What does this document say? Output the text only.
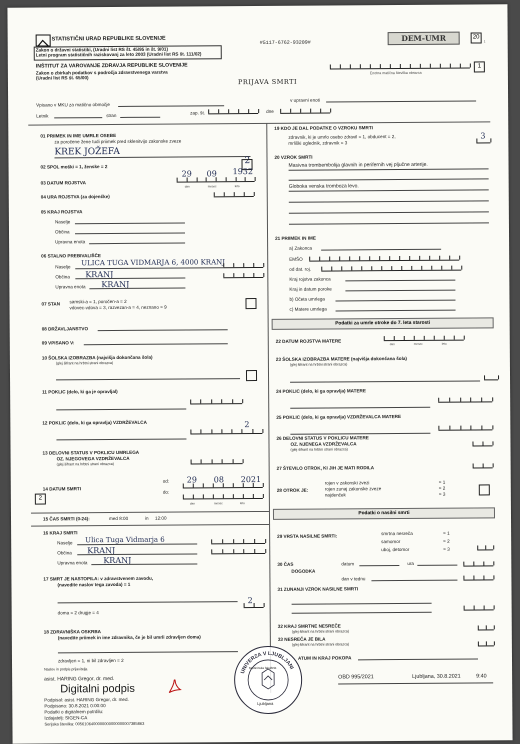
STATISTIČNI URAD REPUBLIKE SLOVENIJE
Zakon o državni statistiki, (Uradni list RS št. 45/95 in št. 9/01)
Letni program statističnih raziskovanj za leto 2003 (Uradni list RS št. 111/02)
INŠTITUT ZA VAROVANJE ZDRAVJA REPUBLIKE SLOVENIJE
Zakon o zbirkah podatkov s področja zdravstvenega varstva
(Uradni list RS št. 65/00)
#5117-6762-93209#	DEM-UMR	20
1
Enotna matična številka obrazca
1
PRIJAVA SMRTI
Vpisano v MKU za matično območje
Letnik	stran
zap. št.	dne
v upravni enoti
01 PRIIMEK IN IME UMRLE OSEBE
za poročene žene tudi priimek pred sklenitvijo zakonske zveze
KREK JOŽEFA
02 SPOL moški = 1, ženske = 2
2
03 DATUM ROJSTVA
29 09 1932
dan	mesec	leto
04 URA ROJSTVA (za dojenčke)
05 KRAJ ROJSTVA
Naselje
Občina
Upravna enota
06 STALNO PREBIVALIŠČE
Naselje ULICA TUGA VIDMARJA 6, 4000 KRANJ
Občina KRANJ
Upravna enota KRANJ
07 STAN samski-a = 1, poročen-a = 2
vdovec-vdova = 3, razvezan-a = 4, neznano = 9
08 DRŽAVLJANSTVO
09 VPISANO V:
10 ŠOLSKA IZOBRAZBA (najvišja dokončana šola)
(glej šifrant na hrbtni strani obrazca)
11 POKLIC (delo, ki ga je opravljal)
12 POKLIC (delo, ki ga opravlja) VZDRŽEVALCA	2
13 DELOVNI STATUS V POKLICU UMRLEGA
OZ. NJEGOVEGA VZDRŽEVALCA
(glej šifrant na hrbtni strani obrazca)
14 DATUM SMRTI
2
od:
do:
29 08 2021
dan	mesec	leto
15 ČAS SMRTI (0-24):	med 8:00	in 12:00
16 KRAJ SMRTI
Naselje Ulica Tuga Vidmarja 6
Občina KRANJ
Upravna enota KRANJ
17 SMRT JE NASTOPILA: v zdravstvenem zavodu,
(navedite naslov tega zavoda) = 1
2
doma = 2 drugje = 4
18 ZDRAVNIŠKA OSKRBA
(navedite priimek in ime zdravnika, če je bil umrli zdravljen doma)
zdravljen = 1, ni bil zdravljen = 2
Naslov in podpis prijavitelja
asist. HARING Gregor, dr. med.
Digitalni podpis
Podpisal: asist. HARING Gregor, dr. med.
Podpisano: 30.8.2021 0:00:00
Podatki o digitalnem potrdilu:
Izdajatelj: SIGEN-CA
Serijska številka: 0056106400000000000000007385863
19 KDO JE DAL PODATKE O VZROKU SMRTI
zdravnik, ki je umrlo osebo zdravil = 1, obducent = 2,
mrliški oglednik, zdravnik = 3
3
20 VZROK SMRTI
Masivna trombembolija glavnih in perifernih vej pljučne arterije.
Globoka venska tromboza levo.
21 PRIIMEK IN IME
a) Zakonca
EMŠO
od dat. roj.
Kraj rojstva zakonca
Kraj in datum poroke
b) Očeta umrlega
c) Matere umrlega
Podatki za umrle otroke do 7. leta starosti
22 DATUM ROJSTVA MATERE
dan	mesec	leto
23 ŠOLSKA IZOBRAZBA MATERE (najvišja dokončana šola)
(glej šifrant na hrbtni strani obrazca)
24 POKLIC (delo, ki ga opravlja) MATERE
25 POKLIC (delo, ki ga opravlja) VZDRŽEVALCA MATERE
26 DELOVNI STATUS V POKLICU MATERE
OZ. NJENEGA VZDRŽEVALCA
(glej šifrant na hrbtni strani obrazca)
27 ŠTEVILO OTROK, KI JIH JE MATI RODILA
28 OTROK JE:
rojen v zakonski zvezi
rojen zunaj zakonske zveze
najdenček
= 1
= 2
= 3
Podatki o nasilni smrti
29 VRSTA NASILNE SMRTI:	smrtna nesreča
samomor
uboj, detomor
= 1
= 2
= 3
30 ČAS
DOGODKA
datum	ura
dan v tednu
31 ZUNANJI VZROK NASILNE SMRTI
32 KRAJ SMRTNE NESREČE
(glej šifrant na hrbtni strani obrazca)
33 NESREČA JE BILA
(glej šifrant na hrbtni strani obrazca)
ATUM IN KRAJ POKOPA
OBD 995/2021	Ljubljana, 30.8.2021	9:40
UNIVERZA V LJUBLJANI
Medicinska fakulteta
Ljubljana
